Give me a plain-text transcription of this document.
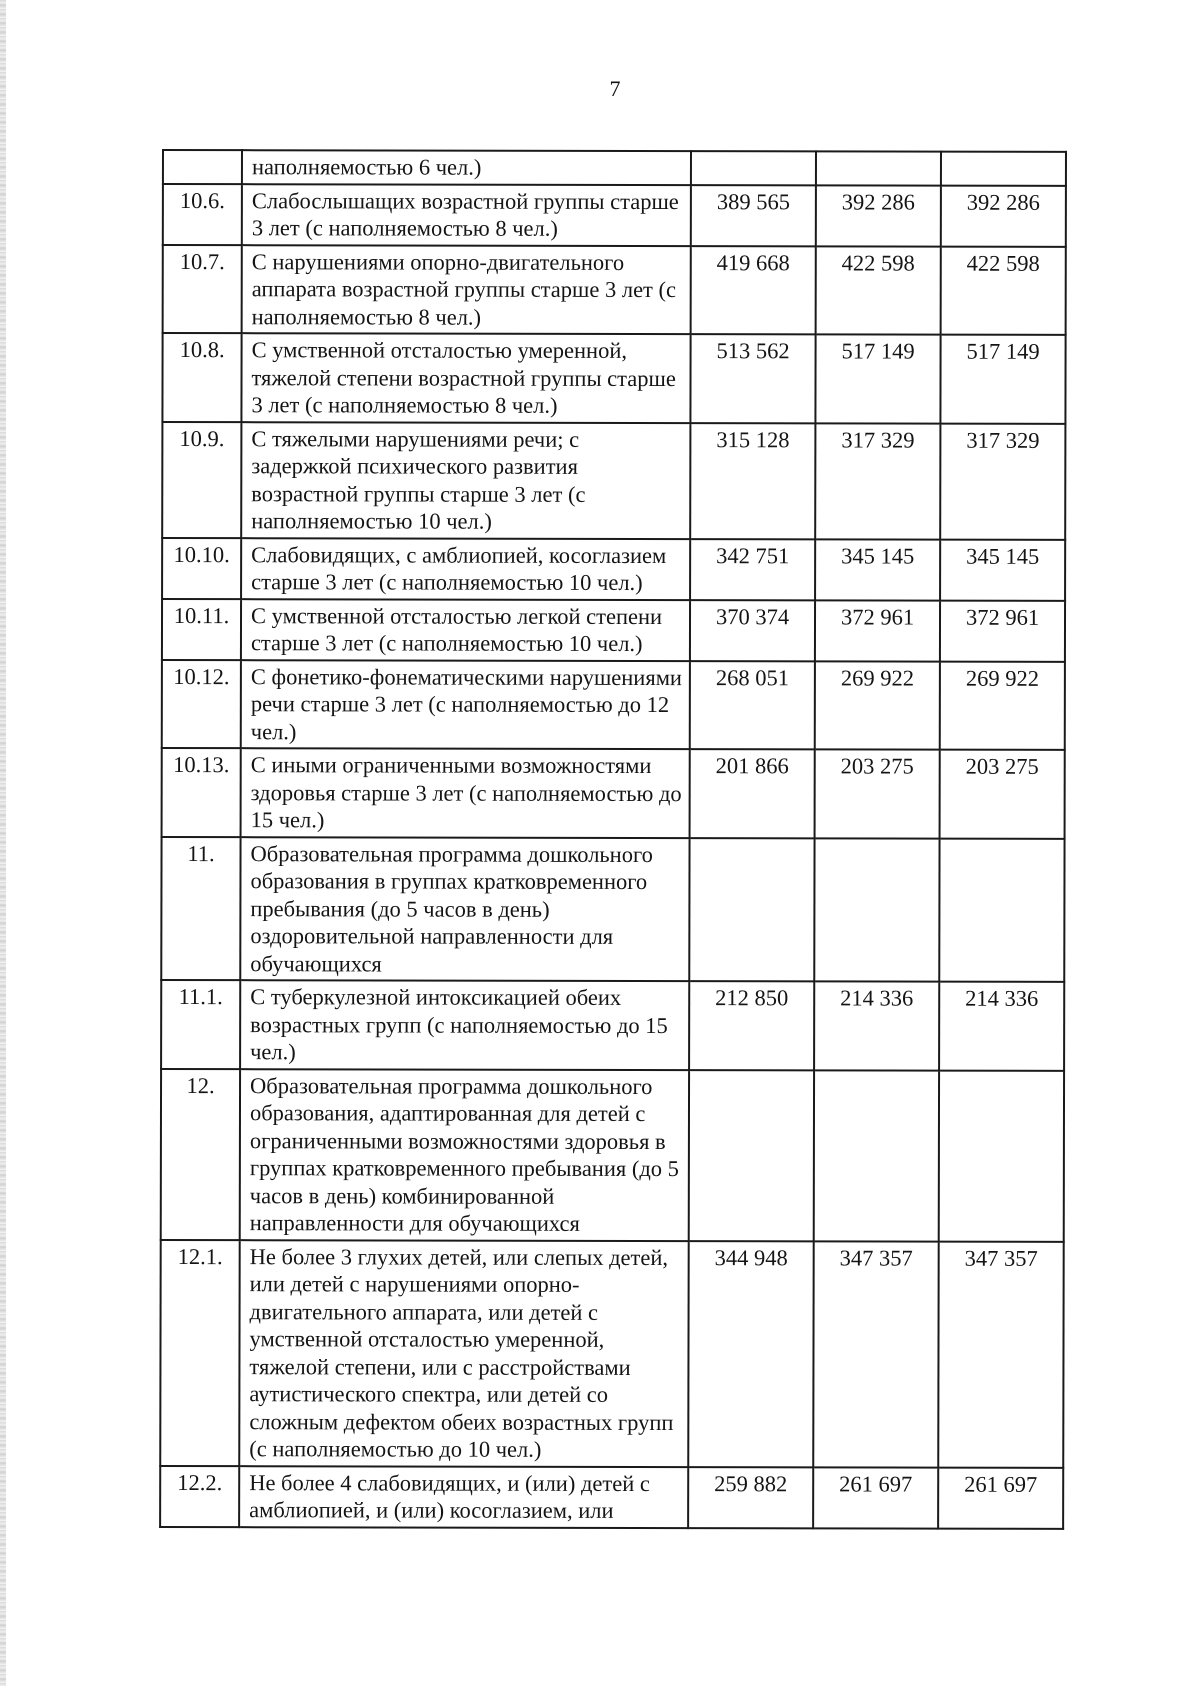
7
	наполняемостью 6 чел.)			
10.6.	Слабослышащих возрастной группы старше 3 лет (с наполняемостью 8 чел.)	389 565	392 286	392 286
10.7.	С нарушениями опорно-двигательного аппарата возрастной группы старше 3 лет (с наполняемостью 8 чел.)	419 668	422 598	422 598
10.8.	С умственной отсталостью умеренной, тяжелой степени возрастной группы старше 3 лет (с наполняемостью 8 чел.)	513 562	517 149	517 149
10.9.	С тяжелыми нарушениями речи; с задержкой психического развития возрастной группы старше 3 лет (с наполняемостью 10 чел.)	315 128	317 329	317 329
10.10.	Слабовидящих, с амблиопией, косоглазием старше 3 лет (с наполняемостью 10 чел.)	342 751	345 145	345 145
10.11.	С умственной отсталостью легкой степени старше 3 лет (с наполняемостью 10 чел.)	370 374	372 961	372 961
10.12.	С фонетико-фонематическими нарушениями речи старше 3 лет (с наполняемостью до 12 чел.)	268 051	269 922	269 922
10.13.	С иными ограниченными возможностями здоровья старше 3 лет (с наполняемостью до 15 чел.)	201 866	203 275	203 275
11.	Образовательная программа дошкольного образования в группах кратковременного пребывания (до 5 часов в день) оздоровительной направленности для обучающихся			
11.1.	С туберкулезной интоксикацией обеих возрастных групп (с наполняемостью до 15 чел.)	212 850	214 336	214 336
12.	Образовательная программа дошкольного образования, адаптированная для детей с ограниченными возможностями здоровья в группах кратковременного пребывания (до 5 часов в день) комбинированной направленности для обучающихся			
12.1.	Не более 3 глухих детей, или слепых детей, или детей с нарушениями опорно-двигательного аппарата, или детей с умственной отсталостью умеренной, тяжелой степени, или с расстройствами аутистического спектра, или детей со сложным дефектом обеих возрастных групп (с наполняемостью до 10 чел.)	344 948	347 357	347 357
12.2.	Не более 4 слабовидящих, и (или) детей с амблиопией, и (или) косоглазием, или	259 882	261 697	261 697
